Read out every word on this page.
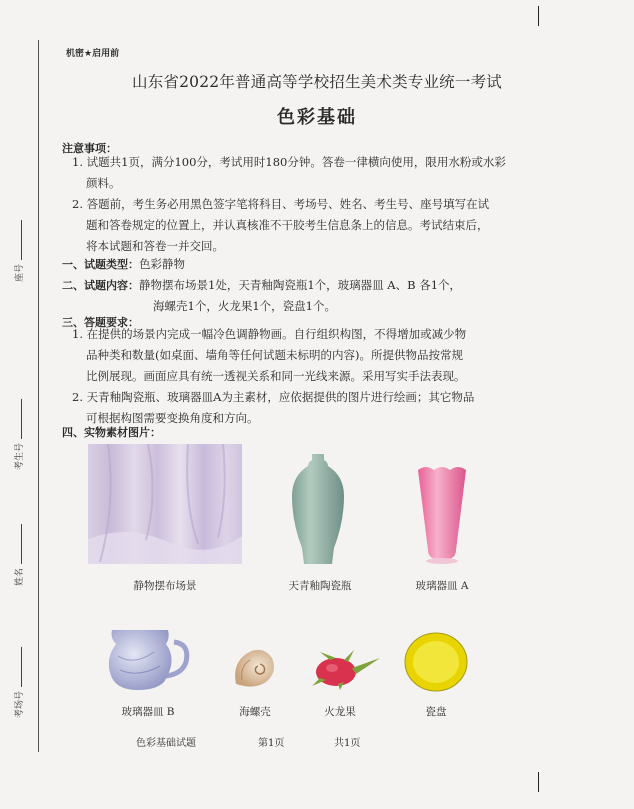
座号
考生号
姓名
考场号
机密★启用前
山东省2022年普通高等学校招生美术类专业统一考试
色彩基础
注意事项：
1. 试题共1页，满分100分，考试用时180分钟。答卷一律横向使用，限用水粉或水彩
颜料。
2. 答题前，考生务必用黑色签字笔将科目、考场号、姓名、考生号、座号填写在试
题和答卷规定的位置上，并认真核准不干胶考生信息条上的信息。考试结束后，
将本试题和答卷一并交回。
一、试题类型：色彩静物
二、试题内容：静物摆布场景1处，天青釉陶瓷瓶1个，玻璃器皿 A、B 各1个，
海螺壳1个，火龙果1个，瓷盘1个。
三、答题要求：
1. 在提供的场景内完成一幅冷色调静物画。自行组织构图，不得增加或减少物
品种类和数量(如桌面、墙角等任何试题未标明的内容)。所提供物品按常规
比例展现。画面应具有统一透视关系和同一光线来源。采用写实手法表现。
2. 天青釉陶瓷瓶、玻璃器皿A为主素材，应依据提供的图片进行绘画；其它物品
可根据构图需要变换角度和方向。
四、实物素材图片：
静物摆布场景	天青釉陶瓷瓶	玻璃器皿 A
玻璃器皿 B	海螺壳	火龙果	瓷盘
色彩基础试题	第1页	共1页
